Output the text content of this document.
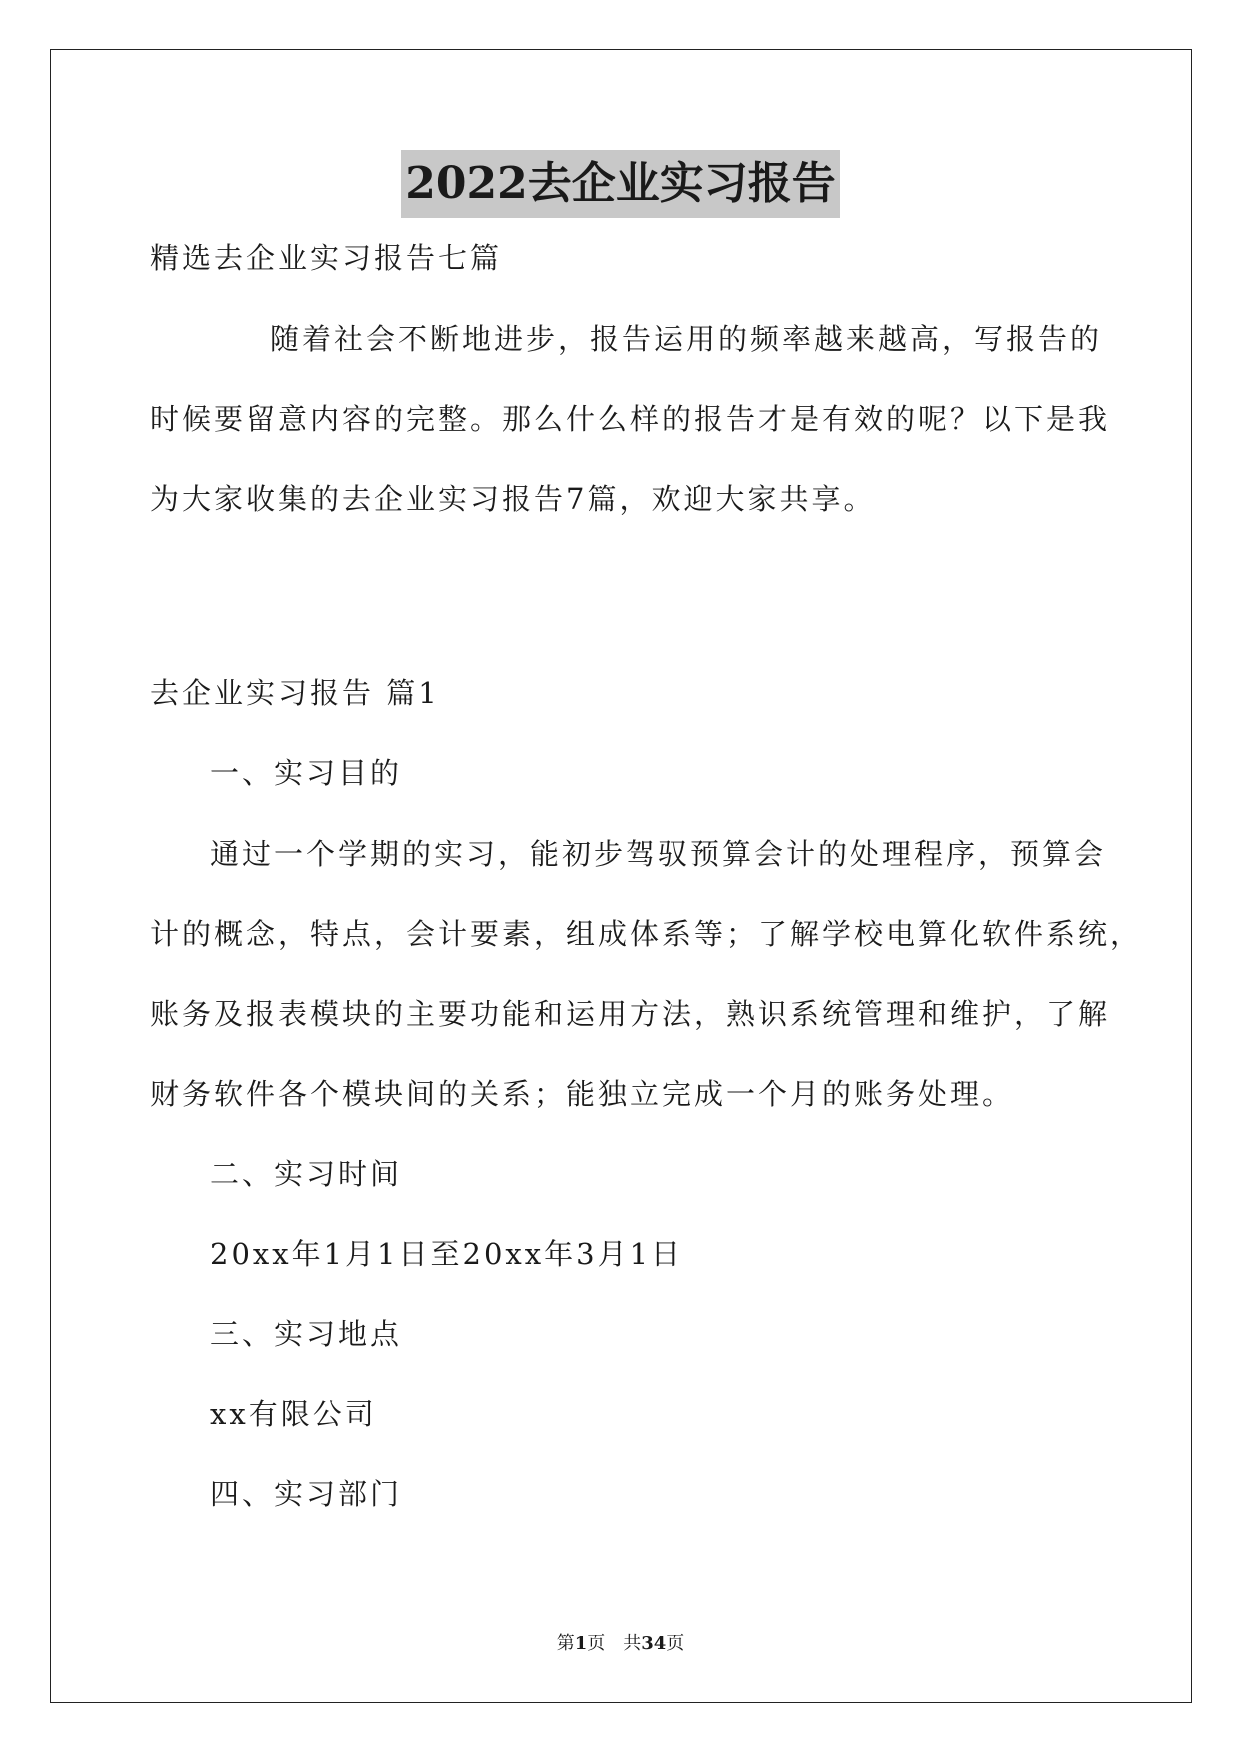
2022去企业实习报告
精选去企业实习报告七篇
随着社会不断地进步，报告运用的频率越来越高，写报告的
时候要留意内容的完整。那么什么样的报告才是有效的呢？以下是我
为大家收集的去企业实习报告7篇，欢迎大家共享。
去企业实习报告 篇1
一、实习目的
通过一个学期的实习，能初步驾驭预算会计的处理程序，预算会
计的概念，特点，会计要素，组成体系等；了解学校电算化软件系统，
账务及报表模块的主要功能和运用方法，熟识系统管理和维护，了解
财务软件各个模块间的关系；能独立完成一个月的账务处理。
二、实习时间
20xx年1月1日至20xx年3月1日
三、实习地点
xx有限公司
四、实习部门
第1页　共34页
